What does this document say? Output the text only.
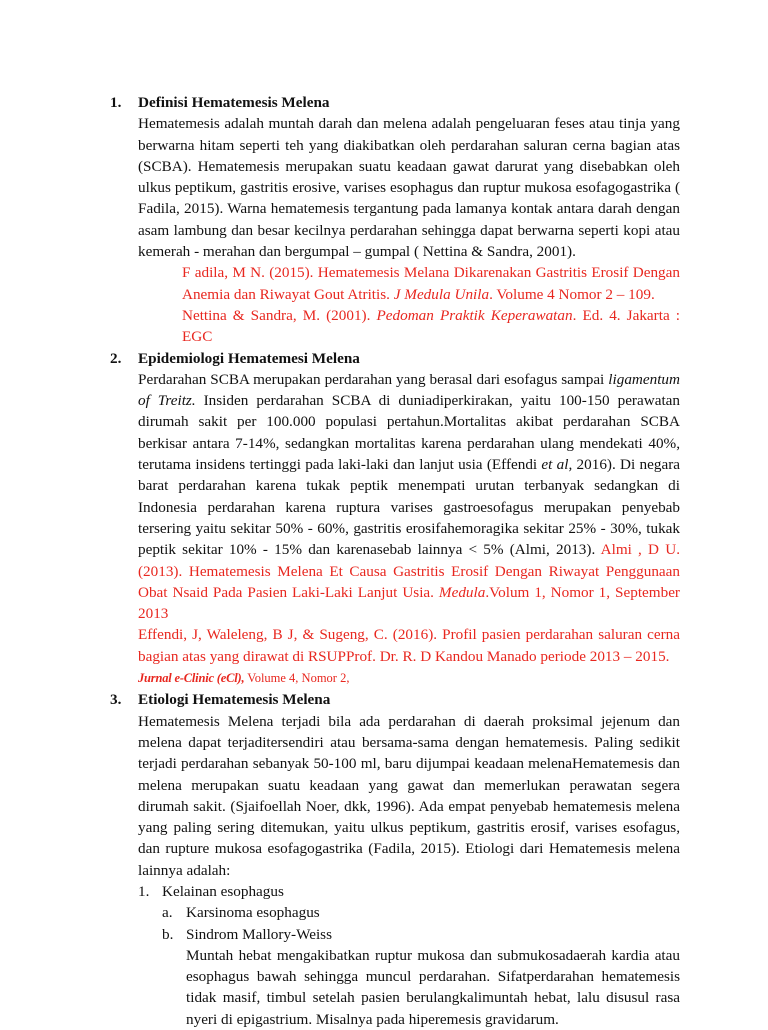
1.	Definisi Hematemesis Melena

Hematemesis adalah muntah darah dan melena adalah pengeluaran feses atau tinja yang berwarna hitam seperti teh yang diakibatkan oleh perdarahan saluran cerna bagian atas (SCBA). Hematemesis merupakan suatu keadaan gawat darurat yang disebabkan oleh ulkus peptikum, gastritis erosive, varises esophagus dan ruptur mukosa esofagogastrika ( Fadila, 2015). Warna hematemesis tergantung pada lamanya kontak antara darah dengan asam lambung dan besar kecilnya perdarahan sehingga dapat berwarna seperti kopi atau kemerah - merahan dan bergumpal – gumpal ( Nettina & Sandra, 2001).

F adila, M N. (2015). Hematemesis Melana Dikarenakan Gastritis Erosif Dengan Anemia dan Riwayat Gout Atritis. J Medula Unila. Volume 4 Nomor 2 – 109.

Nettina & Sandra, M. (2001). Pedoman Praktik Keperawatan. Ed. 4. Jakarta : EGC

2.	Epidemiologi Hematemesi Melena

Perdarahan SCBA merupakan perdarahan yang berasal dari esofagus sampai ligamentum of Treitz. Insiden perdarahan SCBA di duniadiperkirakan, yaitu 100-150 perawatan dirumah sakit per 100.000 populasi pertahun.Mortalitas akibat perdarahan SCBA berkisar antara 7-14%, sedangkan mortalitas karena perdarahan ulang mendekati 40%, terutama insidens tertinggi pada laki-laki dan lanjut usia (Effendi et al, 2016). Di negara barat perdarahan karena tukak peptik menempati urutan terbanyak sedangkan di Indonesia perdarahan karena ruptura varises gastroesofagus merupakan penyebab tersering yaitu sekitar 50% - 60%, gastritis erosifahemoragika sekitar 25% - 30%, tukak peptik sekitar 10% - 15% dan karenasebab lainnya < 5% (Almi, 2013). Almi , D U. (2013). Hematemesis Melena Et Causa Gastritis Erosif Dengan Riwayat Penggunaan Obat Nsaid Pada Pasien Laki-Laki Lanjut Usia. Medula.Volum 1, Nomor 1, September 2013

Effendi, J, Waleleng, B J, & Sugeng, C. (2016). Profil pasien perdarahan saluran cerna bagian atas yang dirawat di RSUPProf. Dr. R. D Kandou Manado periode 2013 – 2015.
Jurnal e-Clinic (eCl), Volume 4, Nomor 2,

3.	Etiologi Hematemesis Melena

Hematemesis Melena terjadi bila ada perdarahan di daerah proksimal jejenum dan melena dapat terjaditersendiri atau bersama-sama dengan hematemesis. Paling sedikit terjadi perdarahan sebanyak 50-100 ml, baru dijumpai keadaan melenaHematemesis dan melena merupakan suatu keadaan yang gawat dan memerlukan perawatan segera dirumah sakit. (Sjaifoellah Noer, dkk, 1996). Ada empat penyebab hematemesis melena yang paling sering ditemukan, yaitu ulkus peptikum, gastritis erosif, varises esofagus, dan rupture mukosa esofagogastrika (Fadila, 2015). Etiologi dari Hematemesis melena lainnya adalah:

1. Kelainan esophagus
a. Karsinoma esophagus
b. Sindrom Mallory-Weiss

Muntah hebat mengakibatkan ruptur mukosa dan submukosadaerah kardia atau esophagus bawah sehingga muncul perdarahan. Sifatperdarahan hematemesis tidak masif, timbul setelah pasien berulangkalimuntah hebat, lalu disusul rasa nyeri di epigastrium. Misalnya pada hiperemesis gravidarum.
